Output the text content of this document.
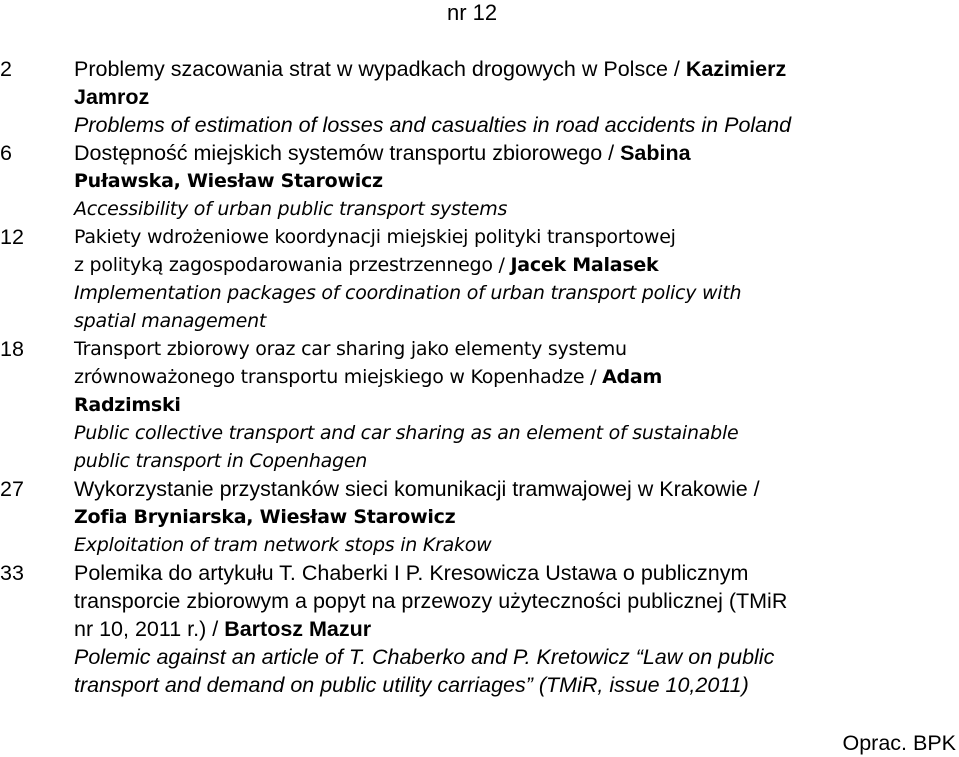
nr 12
2	Problemy szacowania strat w wypadkach drogowych w Polsce / Kazimierz
Jamroz
Problems of estimation of losses and casualties in road accidents in Poland
6	Dostępność miejskich systemów transportu zbiorowego / Sabina
Puławska, Wiesław Starowicz
Accessibility of urban public transport systems
12	Pakiety wdrożeniowe koordynacji miejskiej polityki transportowej
z polityką zagospodarowania przestrzennego / Jacek Malasek
Implementation packages of coordination of urban transport policy with
spatial management
18	Transport zbiorowy oraz car sharing jako elementy systemu
zrównoważonego transportu miejskiego w Kopenhadze / Adam
Radzimski
Public collective transport and car sharing as an element of sustainable
public transport in Copenhagen
27	Wykorzystanie przystanków sieci komunikacji tramwajowej w Krakowie /
Zofia Bryniarska, Wiesław Starowicz
Exploitation of tram network stops in Krakow
33	Polemika do artykułu T. Chaberki I P. Kresowicza Ustawa o publicznym
transporcie zbiorowym a popyt na przewozy użyteczności publicznej (TMiR
nr 10, 2011 r.) / Bartosz Mazur
Polemic against an article of T. Chaberko and P. Kretowicz “Law on public
transport and demand on public utility carriages” (TMiR, issue 10,2011)
Oprac. BPK
